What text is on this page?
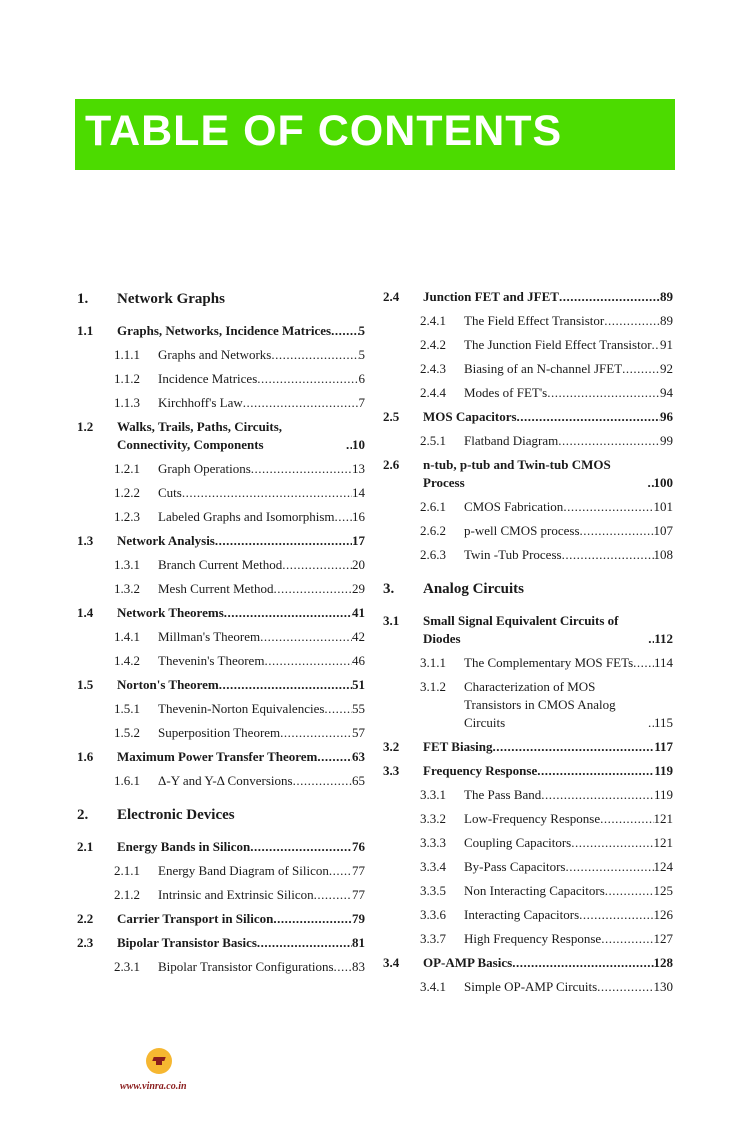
TABLE OF CONTENTS
1.	Network Graphs
1.1	Graphs, Networks, Incidence Matrices ..... 5
1.1.1	Graphs and Networks .....	5
1.1.2	Incidence Matrices .....	6
1.1.3	Kirchhoff's Law .....	7
1.2	Walks, Trails, Paths, Circuits, Connectivity, Components .....	10
1.2.1	Graph Operations .....	13
1.2.2	Cuts .....	14
1.2.3	Labeled Graphs and Isomorphism ..... 16
1.3	Network Analysis .....	17
1.3.1	Branch Current Method .....	20
1.3.2	Mesh Current Method .....	29
1.4	Network Theorems .....	41
1.4.1	Millman's Theorem .....	42
1.4.2	Thevenin's Theorem .....	46
1.5	Norton's Theorem .....	51
1.5.1	Thevenin-Norton Equivalencies ..... 55
1.5.2	Superposition Theorem .....	57
1.6	Maximum Power Transfer Theorem .....	63
1.6.1	Δ-Y and Y-Δ Conversions .....	65
2.	Electronic Devices
2.1	Energy Bands in Silicon .....	76
2.1.1	Energy Band Diagram of Silicon ..... 77
2.1.2	Intrinsic and Extrinsic Silicon .....	77
2.2	Carrier Transport in Silicon .....	79
2.3	Bipolar Transistor Basics .....	81
2.3.1	Bipolar Transistor Configurations ..... 83
2.4	Junction FET and JFET .....	89
2.4.1	The Field Effect Transistor .....	89
2.4.2	The Junction Field Effect Transistor ..... 91
2.4.3	Biasing of an N-channel JFET .....	92
2.4.4	Modes of FET's .....	94
2.5	MOS Capacitors .....	96
2.5.1	Flatband Diagram .....	99
2.6	n-tub, p-tub and Twin-tub CMOS Process .....	100
2.6.1	CMOS Fabrication .....	101
2.6.2	p-well CMOS process .....	107
2.6.3	Twin -Tub Process .....	108
3.	Analog Circuits
3.1	Small Signal Equivalent Circuits of Diodes .....	112
3.1.1	The Complementary MOS FETs ..... 114
3.1.2	Characterization of MOS Transistors in CMOS Analog Circuits .....	115
3.2	FET Biasing .....	117
3.3	Frequency Response .....	119
3.3.1	The Pass Band .....	119
3.3.2	Low-Frequency Response .....	121
3.3.3	Coupling Capacitors .....	121
3.3.4	By-Pass Capacitors .....	124
3.3.5	Non Interacting Capacitors .....	125
3.3.6	Interacting Capacitors .....	126
3.3.7	High Frequency Response .....	127
3.4	OP-AMP Basics .....	128
3.4.1	Simple OP-AMP Circuits .....	130
www.vinra.co.in
